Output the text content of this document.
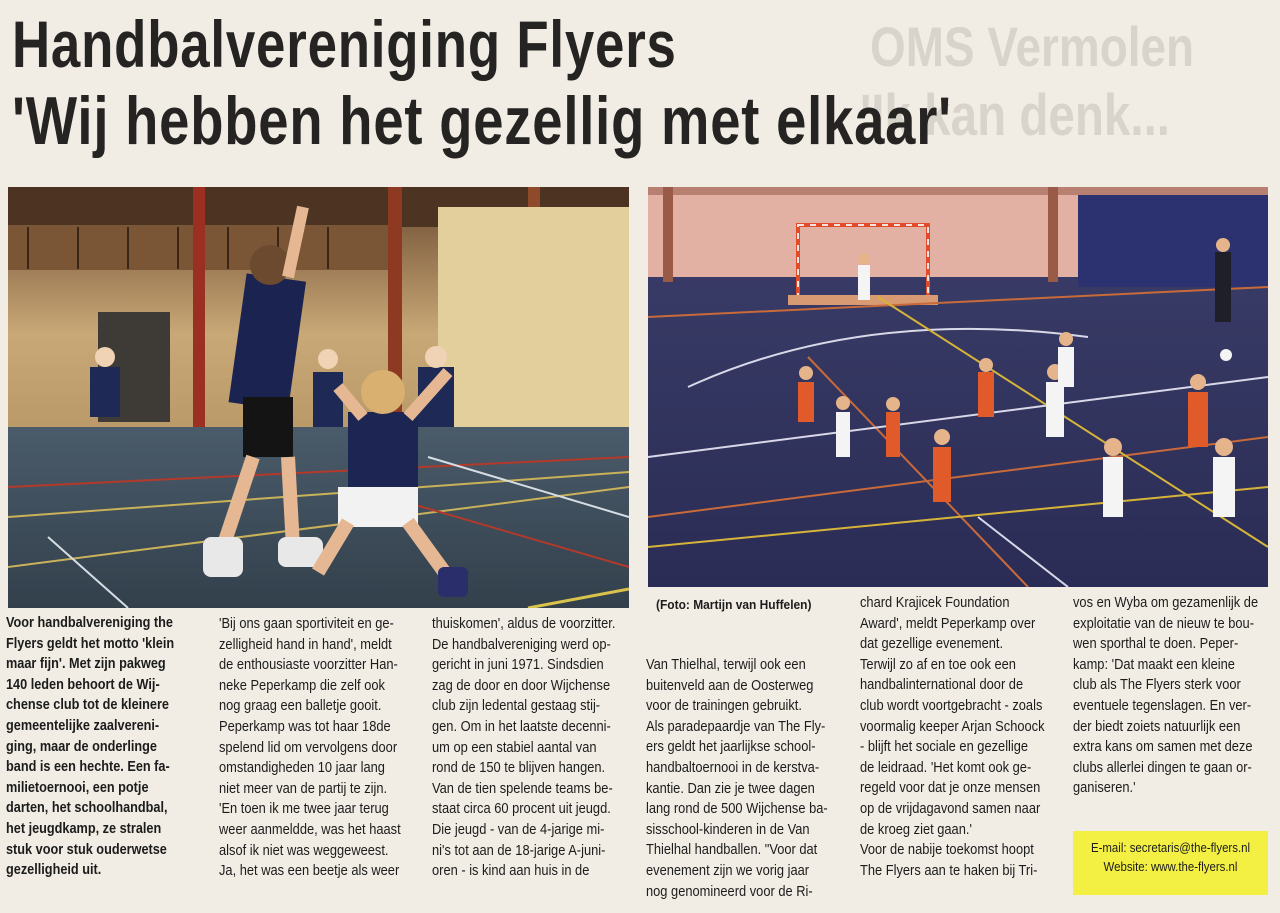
OMS Vermolen
'Ik kan denk...
Handbalvereniging Flyers
'Wij hebben het gezellig met elkaar'
(Foto: Martijn van Huffelen)
Voor handbalvereniging the
Flyers geldt het motto 'klein
maar fijn'. Met zijn pakweg
140 leden behoort de Wij-
chense club tot de kleinere
gemeentelijke zaalvereni-
ging, maar de onderlinge
band is een hechte. Een fa-
milietoernooi, een potje
darten, het schoolhandbal,
het jeugdkamp, ze stralen
stuk voor stuk ouderwetse
gezelligheid uit.
'Bij ons gaan sportiviteit en ge-
zelligheid hand in hand', meldt
de enthousiaste voorzitter Han-
neke Peperkamp die zelf ook
nog graag een balletje gooit.
Peperkamp was tot haar 18de
spelend lid om vervolgens door
omstandigheden 10 jaar lang
niet meer van de partij te zijn.
'En toen ik me twee jaar terug
weer aanmeldde, was het haast
alsof ik niet was weggeweest.
Ja, het was een beetje als weer
thuiskomen', aldus de voorzitter.
De handbalvereniging werd op-
gericht in juni 1971. Sindsdien
zag de door en door Wijchense
club zijn ledental gestaag stij-
gen. Om in het laatste decenni-
um op een stabiel aantal van
rond de 150 te blijven hangen.
Van de tien spelende teams be-
staat circa 60 procent uit jeugd.
Die jeugd - van de 4-jarige mi-
ni's tot aan de 18-jarige A-juni-
oren - is kind aan huis in de
Van Thielhal, terwijl ook een
buitenveld aan de Oosterweg
voor de trainingen gebruikt.
Als paradepaardje van The Fly-
ers geldt het jaarlijkse school-
handbaltoernooi in de kerstva-
kantie. Dan zie je twee dagen
lang rond de 500 Wijchense ba-
sisschool-kinderen in de Van
Thielhal handballen. "Voor dat
evenement zijn we vorig jaar
nog genomineerd voor de Ri-
chard Krajicek Foundation
Award', meldt Peperkamp over
dat gezellige evenement.
Terwijl zo af en toe ook een
handbalinternational door de
club wordt voortgebracht - zoals
voormalig keeper Arjan Schoock
- blijft het sociale en gezellige
de leidraad. 'Het komt ook ge-
regeld voor dat je onze mensen
op de vrijdagavond samen naar
de kroeg ziet gaan.'
Voor de nabije toekomst hoopt
The Flyers aan te haken bij Tri-
vos en Wyba om gezamenlijk de
exploitatie van de nieuw te bou-
wen sporthal te doen. Peper-
kamp: 'Dat maakt een kleine
club als The Flyers sterk voor
eventuele tegenslagen. En ver-
der biedt zoiets natuurlijk een
extra kans om samen met deze
clubs allerlei dingen te gaan or-
ganiseren.'
E-mail: secretaris@the-flyers.nl
Website: www.the-flyers.nl
